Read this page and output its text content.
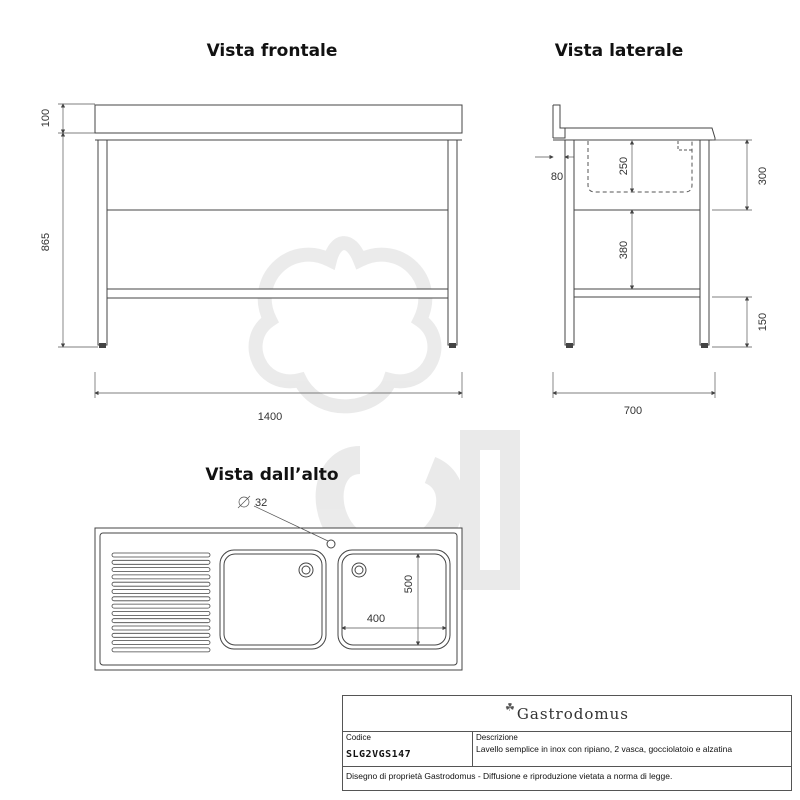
Vista frontale	Vista laterale
Vista dall’alto
100
865
1400
80
250
380
300
150
700
32
400
500
☘ Gastrodomus
Codice
SLG2VGS147
Descrizione
Lavello semplice in inox con ripiano, 2 vasca, gocciolatoio e alzatina
Disegno di proprietà Gastrodomus - Diffusione e riproduzione vietata a norma di legge.
